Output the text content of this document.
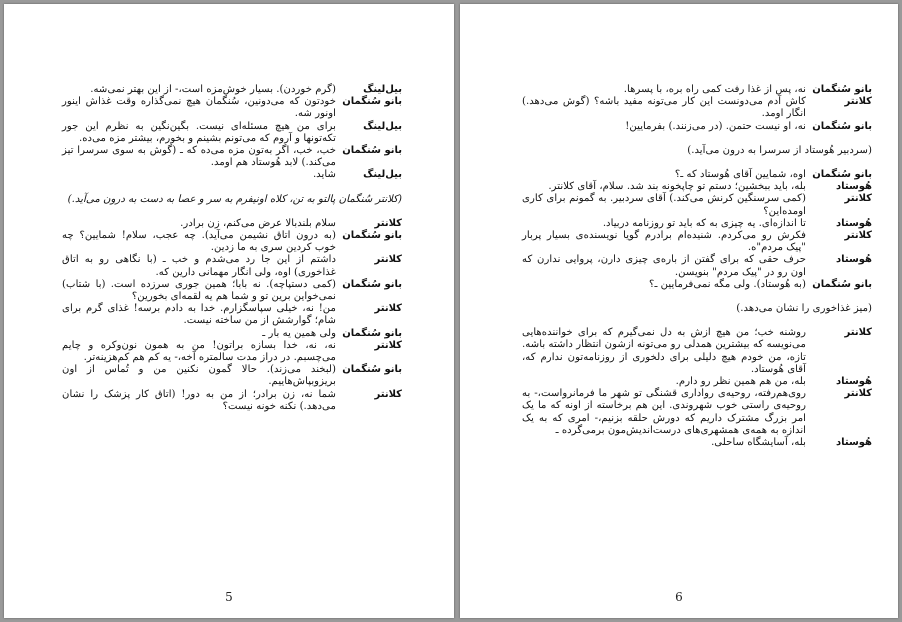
بیل‌لینگ
(گرم خوردن). بسیار خوش‌مزه است،- از این بهتر نمی‌شه.
بانو سُنگمان
خودتون که می‌دونین، سُنگمان هیچ نمی‌گذاره وقت غذاش اینور اونور شه.
بیل‌لینگ
برای من هیچ مسئله‌ای نیست. بگین‌نگین به نظرم این جور تکه‌تونها و آروم که می‌تونم بشینم و بخورم، بیشتر مزه می‌ده.
بانو سُنگمان
خب، خب، اگر به‌تون مزه می‌ده که ـ (گوش به سوی سرسرا تیز می‌کند.) لابد هُوستاد هم اومد.
بیل‌لینگ
شاید.
(کلانتر سُنگمان پالتو به تن، کلاه اونیفرم به سر و عصا به دست به درون می‌آید.)
کلانتر
سلام بلندبالا عرض می‌کنم، زن برادر.
بانو سُنگمان
(به درون اتاق نشیمن می‌آید). چه عجب، سلام! شمایین؟ چه خوب کردین سری به ما زدین.
کلانتر
داشتم از این جا رد می‌شدم و خب ـ (با نگاهی رو به اتاق غذاخوری) اوه، ولی انگار مهمانی دارین که.
بانو سُنگمان
(کمی دستپاچه). نه بابا؛ همین جوری سرزده است. (با شتاب) نمی‌خواین برین تو و شما هم یه لقمه‌ای بخورین؟
کلانتر
من! نه، خیلی سپاسگزارم. خدا به دادم برسه! غذای گرم برای شام؛ گوارشش از من ساخته نیست.
بانو سُنگمان
ولی همین یه بار ـ
کلانتر
نه، نه، خدا بسازه براتون! من به همون نون‌وکره و چایم می‌چسبم. در دراز مدت سالمتره آخه،- یه کم هم کم‌هزینه‌تر.
بانو سُنگمان
(لبخند می‌زند). حالا گمون نکنین من و تُماس از اون بریزوبپاش‌هاییم.
کلانتر
شما نه، زن برادر؛ از من به دور! (اتاق کار پزشک را نشان می‌دهد.) نکنه خونه نیست؟
5
بانو سُنگمان
نه، پس از غذا رفت کمی راه بره، با پسرها.
کلانتر
کاش آدم می‌دونست این کار می‌تونه مفید باشه؟ (گوش می‌دهد.) انگار اومد.
بانو سُنگمان
نه، او نیست حتمن. (در می‌زنند.) بفرمایین!
(سردبیر هُوستاد از سرسرا به درون می‌آید.)
بانو سُنگمان
اوه، شمایین آقای هُوستاد که ـ؟
هُوستاد
بله، باید ببخشین؛ دستم تو چاپخونه بند شد. سلام، آقای کلانتر.
کلانتر
(کمی سرسنگین کرنش می‌کند.) آقای سردبیر. به گمونم برای کاری اومده‌این؟
هُوستاد
تا اندازه‌ای. یه چیزی به که باید تو روزنامه دربیاد.
کلانتر
فکرش رو می‌کردم. شنیده‌ام برادرم گویا نویسنده‌ی بسیار پربار "پیک مردم"ه.
هُوستاد
حرف حقی که برای گفتن از باره‌ی چیزی دارن، پروایی ندارن که اون رو در "پیک مردم" بنویسن.
بانو سُنگمان
(به هُوستاد). ولی مگه نمی‌فرمایین ـ؟
(میز غذاخوری را نشان می‌دهد.)
کلانتر
روشنه خب؛ من هیچ ازش به دل نمی‌گیرم که برای خواننده‌هایی می‌نویسه که بیشترین همدلی رو می‌تونه ازشون انتظار داشته باشه. تازه، من خودم هیچ دلیلی برای دلخوری از روزنامه‌تون ندارم که، آقای هُوستاد.
هُوستاد
بله، من هم همین نظر رو دارم.
کلانتر
روی‌هم‌رفته، روحیه‌ی رواداری قشنگی تو شهر ما فرمانرواست،- به روحیه‌ی راستی خوب شهروندی. این هم برخاسته از اونه که ما یک امر بزرگ مشترک داریم که دورش حلقه بزنیم،- امری که به یک اندازه به همه‌ی همشهری‌های درست‌اندیش‌مون برمی‌گرده ـ
هُوستاد
بله، آسایشگاه ساحلی.
6
